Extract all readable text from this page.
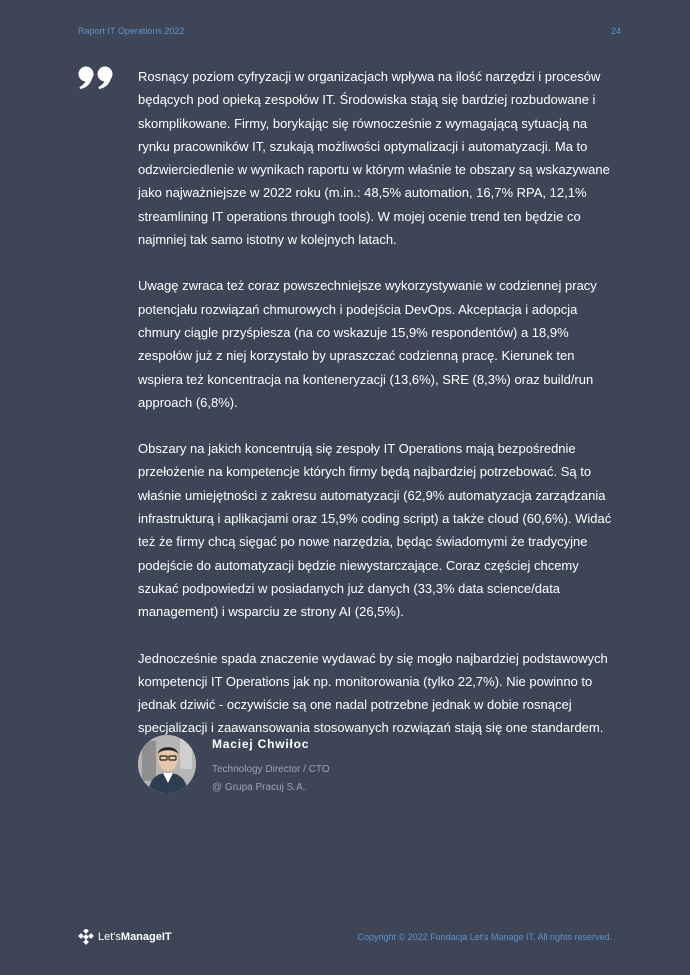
Raport IT Operations 2022	24

Rosnący poziom cyfryzacji w organizacjach wpływa na ilość narzędzi i procesów będących pod opieką zespołów IT. Środowiska stają się bardziej rozbudowane i skomplikowane. Firmy, borykając się równocześnie z wymagającą sytuacją na rynku pracowników IT, szukają możliwości optymalizacji i automatyzacji. Ma to odzwierciedlenie w wynikach raportu w którym właśnie te obszary są wskazywane jako najważniejsze w 2022 roku (m.in.: 48,5% automation, 16,7% RPA, 12,1% streamlining IT operations through tools). W mojej ocenie trend ten będzie co najmniej tak samo istotny w kolejnych latach.

Uwagę zwraca też coraz powszechniejsze wykorzystywanie w codziennej pracy potencjału rozwiązań chmurowych i podejścia DevOps. Akceptacja i adopcja chmury ciągle przyśpiesza (na co wskazuje 15,9% respondentów) a 18,9% zespołów już z niej korzystało by upraszczać codzienną pracę. Kierunek ten wspiera też koncentracja na konteneryzacji (13,6%), SRE (8,3%) oraz build/run approach (6,8%).

Obszary na jakich koncentrują się zespoły IT Operations mają bezpośrednie przełożenie na kompetencje których firmy będą najbardziej potrzebować. Są to właśnie umiejętności z zakresu automatyzacji (62,9% automatyzacja zarządzania infrastrukturą i aplikacjami oraz 15,9% coding script) a także cloud (60,6%). Widać też że firmy chcą sięgać po nowe narzędzia, będąc świadomymi że tradycyjne podejście do automatyzacji będzie niewystarczające. Coraz częściej chcemy szukać podpowiedzi w posiadanych już danych (33,3% data science/data management) i wsparciu ze strony AI (26,5%).

Jednocześnie spada znaczenie wydawać by się mogło najbardziej podstawowych kompetencji IT Operations jak np. monitorowania (tylko 22,7%). Nie powinno to jednak dziwić - oczywiście są one nadal potrzebne jednak w dobie rosnącej specjalizacji i zaawansowania stosowanych rozwiązań stają się one standardem.

Maciej Chwiłoc
Technology Director / CTO
@ Grupa Pracuj S.A.
Let's ManageIT	Copyright © 2022 Fundacja Let's Manage IT. All rights reserved.
